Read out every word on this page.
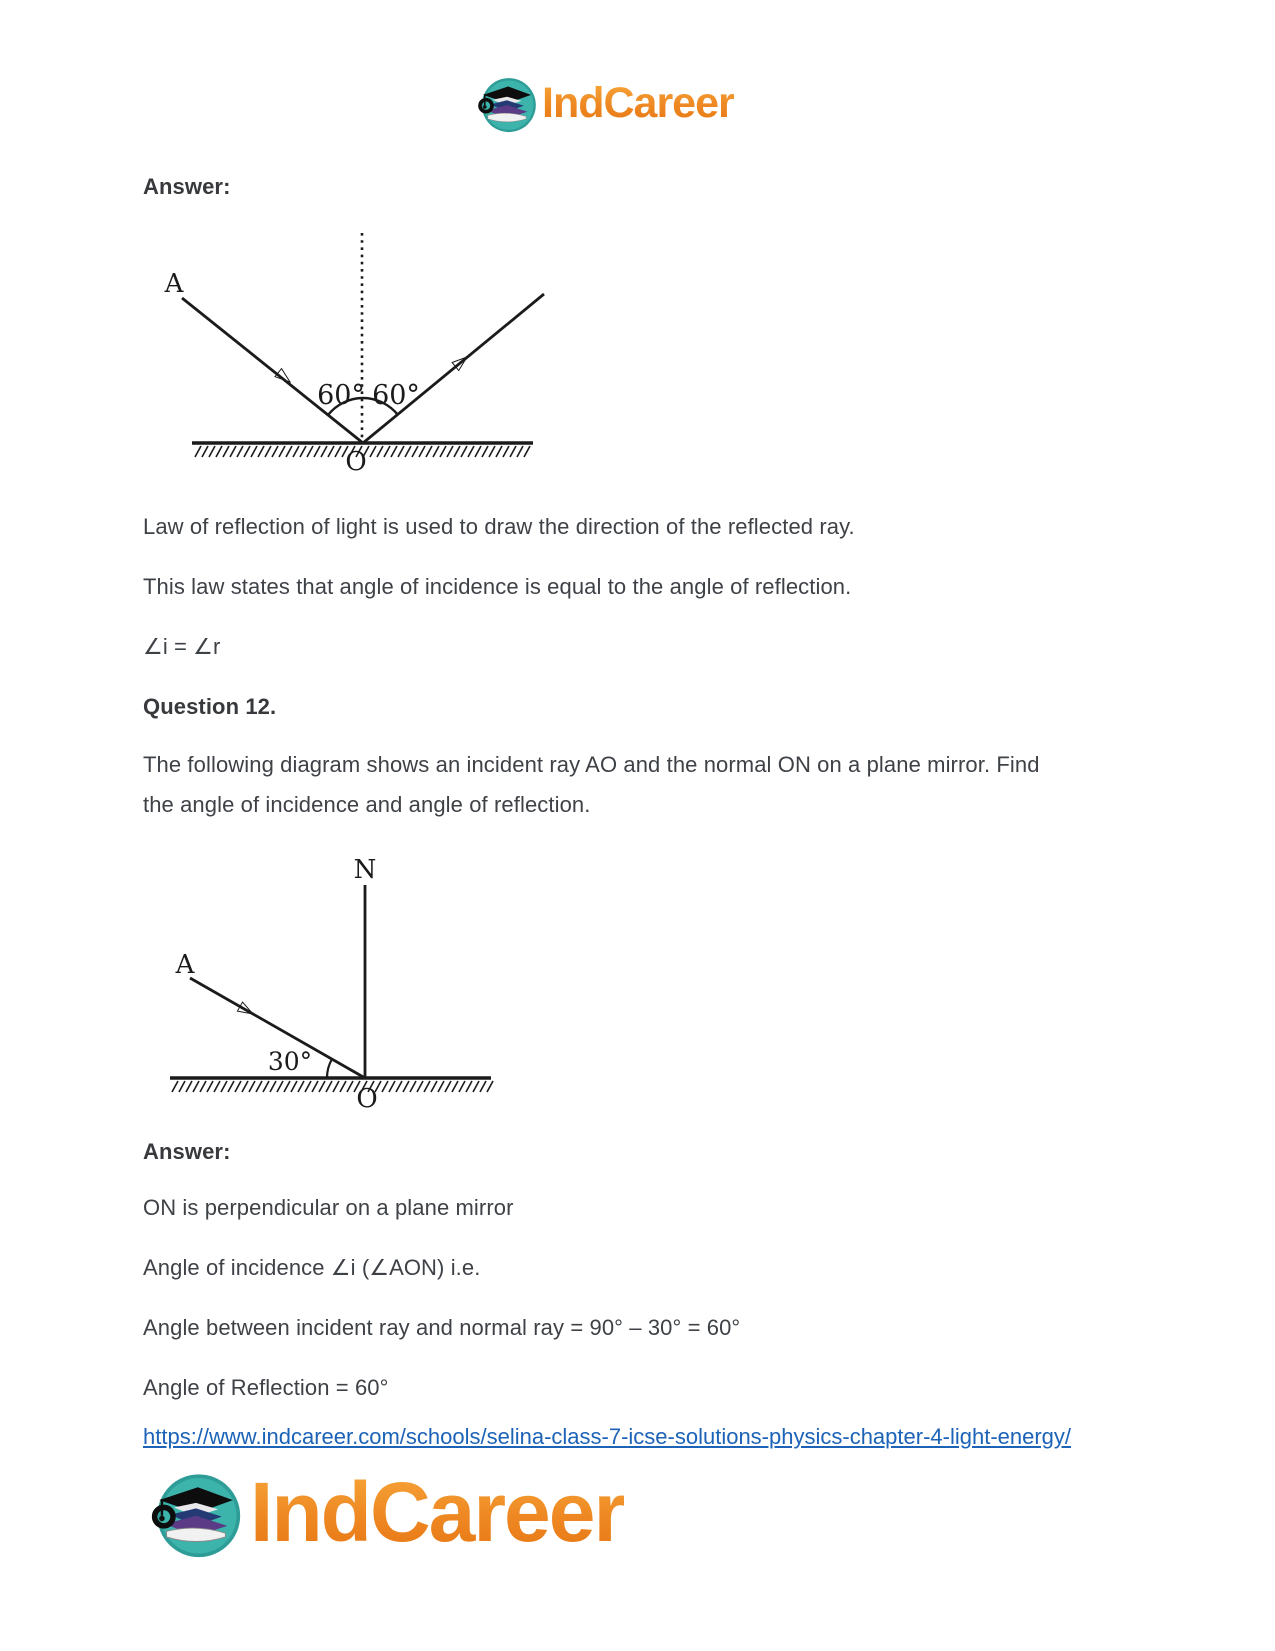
IndCareer

Answer:

A
60° 60°
O

Law of reflection of light is used to draw the direction of the reflected ray.

This law states that angle of incidence is equal to the angle of reflection.

∠i = ∠r

Question 12.

The following diagram shows an incident ray AO and the normal ON on a plane mirror. Find the angle of incidence and angle of reflection.

N
A
30°
O

Answer:

ON is perpendicular on a plane mirror

Angle of incidence ∠i (∠AON) i.e.

Angle between incident ray and normal ray = 90° – 30° = 60°

Angle of Reflection = 60°

https://www.indcareer.com/schools/selina-class-7-icse-solutions-physics-chapter-4-light-energy/
IndCareer
